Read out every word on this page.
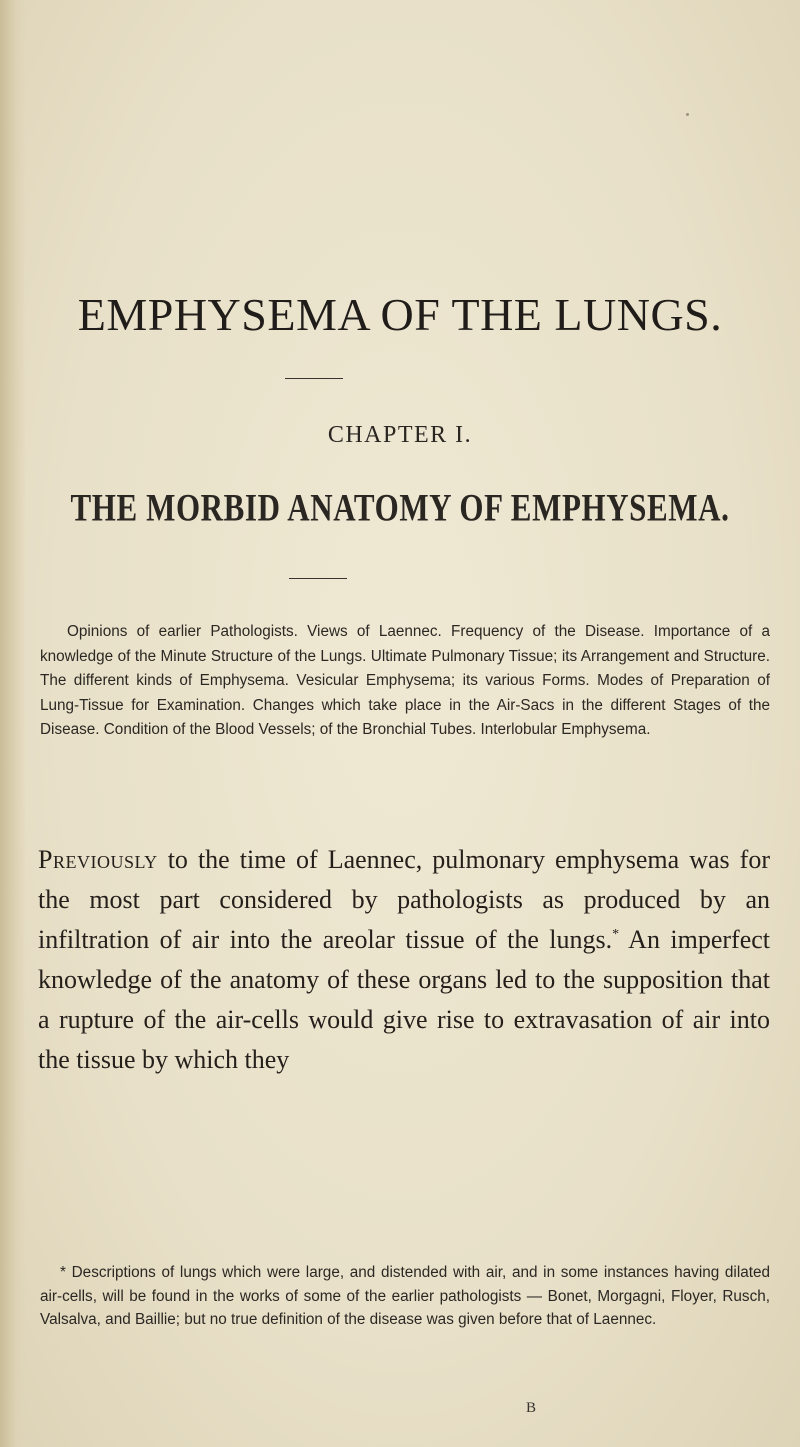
EMPHYSEMA OF THE LUNGS.
CHAPTER I.
THE MORBID ANATOMY OF EMPHYSEMA.

Opinions of earlier Pathologists. Views of Laennec. Frequency of the Disease. Importance of a knowledge of the Minute Structure of the Lungs. Ultimate Pulmonary Tissue; its Arrangement and Structure. The different kinds of Emphysema. Vesicular Emphysema; its various Forms. Modes of Preparation of Lung-Tissue for Examination. Changes which take place in the Air-Sacs in the different Stages of the Disease. Condition of the Blood Vessels; of the Bronchial Tubes. Interlobular Emphysema.

Previously to the time of Laennec, pulmonary emphysema was for the most part considered by pathologists as produced by an infiltration of air into the areolar tissue of the lungs.* An imperfect knowledge of the anatomy of these organs led to the supposition that a rupture of the air-cells would give rise to extravasation of air into the tissue by which they

* Descriptions of lungs which were large, and distended with air, and in some instances having dilated air-cells, will be found in the works of some of the earlier pathologists — Bonet, Morgagni, Floyer, Rusch, Valsalva, and Baillie; but no true definition of the disease was given before that of Laennec.

B
